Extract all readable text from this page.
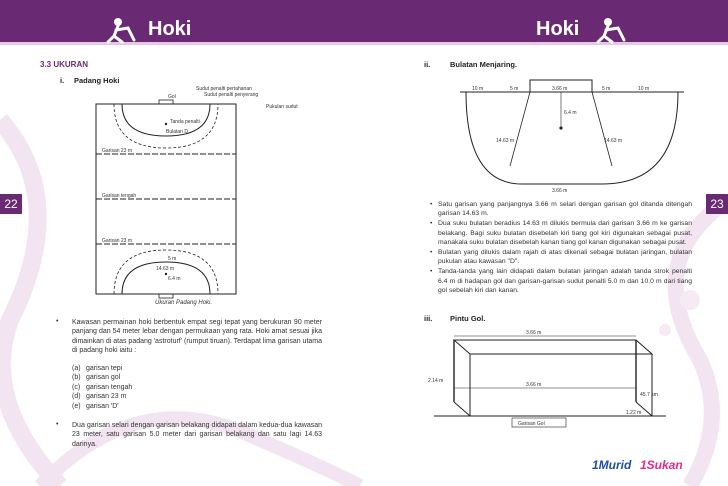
Hoki	Hoki
22	23
3.3 UKURAN
i. Padang Hoki
Gol
Sudut penalti pertahanan
Sudut penalti penyerang
Pukulan sudut
Tanda penalti
Bulatan D
Garisan 23 m
Garisan tengah
Garisan 23 m
5 m
14.63 m
6.4 m
Ukuran Padang Hoki.
• Kawasan permainan hoki berbentuk empat segi tepat yang berukuran 90 meter panjang dan 54 meter lebar dengan permukaan yang rata. Hoki amat sesuai jika dimainkan di atas padang 'astroturf' (rumput tiruan). Terdapat lima garisan utama di padang hoki iaitu :
(a) garisan tepi
(b) garisan gol
(c) garisan tengah
(d) garisan 23 m
(e) garisan 'D'
• Dua garisan selari dengan garisan belakang didapati dalam kedua-dua kawasan 23 meter, satu garisan 5.0 meter dari garisan belakang dan satu lagi 14.63 darinya.
ii.	Bulatan Menjaring.
10 m	5 m	3.66 m	5 m	10 m
6.4 m
14.63 m	14.63 m
3.66 m
• Satu garisan yang panjangnya 3.66 m selari dengan garisan gol ditanda ditengah garisan 14.63 m.
• Dua suku bulatan beradius 14.63 m dilukis bermula dari garisan 3.66 m ke garisan belakang. Bagi suku bulatan disebelah kiri tiang gol kiri digunakan sebagai pusat, manakala suku bulatan disebelah kanan tiang gol kanan digunakan sebagai pusat.
• Bulatan yang dilukis dalam rajah di atas dikenali sebagai bulatan jaringan, bulatan pukulan atau kawasan "D".
• Tanda-tanda yang lain didapati dalam bulatan jaringan adalah tanda strok penalti 6.4 m di hadapan gol dan garisan-garisan sudut penalti 5.0 m dan 10.0 m dari tiang gol sebelah kiri dan kanan.
iii. Pintu Gol.
3.66 m
2.14 m
3.66 m
45.7 sm
1.22 m
Garisan Gol
1Murid 1Sukan
